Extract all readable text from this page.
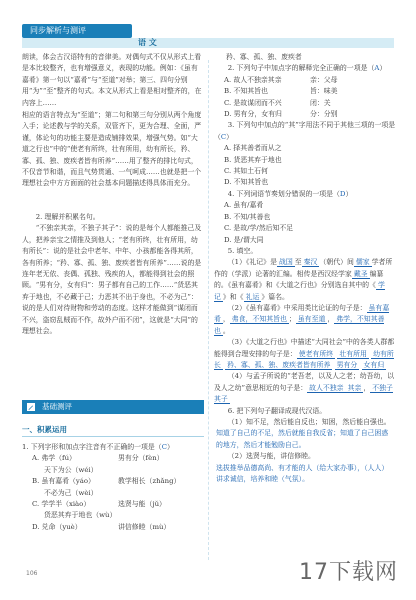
同步解析与测评
语 文

朗读，体会古汉语特有的音律美。对偶句式不仅从形式上看是本比较整齐，也有增强意义，表现的功能。例如：《虽有嘉肴》第一句以“嘉肴”与“至道”对举；第三、四句分别用“为”“至”整齐的句式。本文从形式上看是相对整齐的，在内容上……

相应的语言特点为“至道”；第二句和第三句分别从两个角度入手；论述教与学的关系，双管齐下，更为合理、全面，严谨，体论句的功能主要是造成铺排效果，增强气势。如“大道之行也”中的“使老有所终，壮有所用，幼有所长，矜、寡、孤、独、废疾者皆有所养”……用了整齐的排比句式，不仅音节和谐，而且气势贯通、一气呵成……也就是把一个理想社会中方方面面的社会基本问题描述得具体而充分。

2. 理解并积累名句。

“不独亲其亲，不独子其子”：说的是每个人都能推己及人，把养亲宝之情推及到他人；“老有所终，壮有所用，幼有所长”：说的是社会中老年、中年、小孩都能各得其所，各有所养；“矜、寡、孤、独、废疾者皆有所养”……说的是连年老无依、丧偶、孤独、残疾的人，都能得到社会的照顾。“男有分，女有归”：男子都有自己的工作……“货恶其弃于地也，不必藏于己；力恶其不出于身也，不必为己”：说的是人们对待财物和劳动的态度。这样才能做到“谋闭而不兴，盗窃乱贼而不作，故外户而不闭”，这就是“大同”的理想社会。

基础测评
一、积累运用

1. 下列字形和加点字注音有不正确的一项是（C）

A. 弗学（fú）	男有分（fèn）

天下为公（wéi）

B. 虽有嘉肴（yáo）	教学相长（zhǎng）

不必为己（wèi）

C. 学学半（xiào）	选贤与能（jǔ）

货恶其弃于地也（wù）

D. 兑命（yuè）	讲信修睦（mù）

矜、寡、孤、独、废疾者

2. 下列句子中加点字的解释完全正确的一项是（A）

A. 故人不独亲其亲	亲：父母

B. 不知其旨也	旨：味美

C. 是故谋闭而不兴	闭：关

D. 男有分，女有归	分：分别

3. 下列句中加点的“其”字用法不同于其他三项的一项是（C）

A. 择其善者而从之

B. 货恶其弃于地也

C. 其如土石何

D. 不知其旨也

4. 下列词语节奏划分错误的一项是（D）

A. 虽有/嘉肴

B. 不知/其善也

C. 是故/学/然后知不足

D. 是/谓大同

5. 填空。

（1）《礼记》是 战国 至 秦汉 （朝代）间 儒家 学者所作的（学派）论著的汇编。相传是西汉经学家 戴圣 编纂的。《虽有嘉肴》和《大道之行也》分别选自其中的《 学记 》和《 礼运 》篇名。

（2）《虽有嘉肴》中采用类比论证的句子是： 虽有嘉肴 ， 弗食，不知其旨也 ； 虽有至道 ， 弗学，不知其善也 。

（3）《大道之行也》中描述“大同社会”中的各类人群都能得到合理安排的句子是： 使老有所终 壮有所用 幼有所长 矜、寡、孤、独、废疾者皆有所养 男有分 女有归

（4）与孟子所说的“老吾老，以及人之老；幼吾幼，以及人之幼”意思相近的句子是： 故人不独亲 其亲 ， 不独子其子

6. 把下列句子翻译成现代汉语。

（1）知不足，然后能自反也；知困，然后能自强也。

知道了自己的不足，然后就能自我反省；知道了自己困惑的地方，然后才能勉励自己。

（2）选贤与能，讲信修睦。

选拔推举品德高尚、有才能的人（给大家办事），（人人）讲求诚信，培养和睦（气氛）。

106	17下载网
